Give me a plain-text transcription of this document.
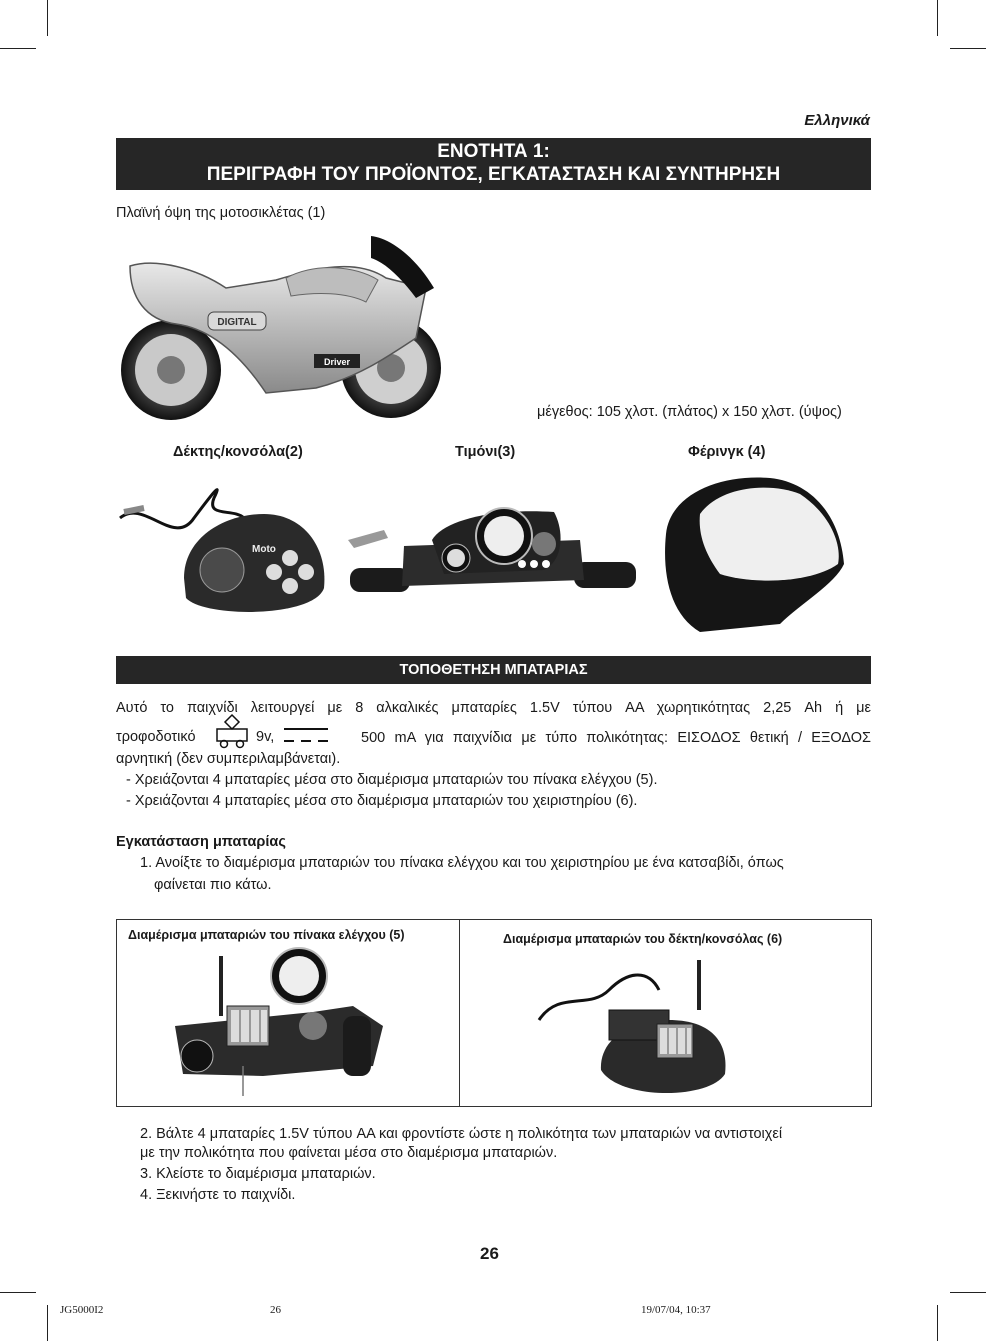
Ελληνικά
ΕΝΟΤΗΤΑ 1:
ΠΕΡΙΓΡΑΦΗ ΤΟΥ ΠΡΟΪΟΝΤΟΣ, ΕΓΚΑΤΑΣΤΑΣΗ ΚΑΙ ΣΥΝΤΗΡΗΣΗ
Πλαϊνή όψη της μοτοσικλέτας (1)
DIGITAL
Driver
μέγεθος: 105 χλστ. (πλάτος) x 150 χλστ. (ύψος)
Δέκτης/κονσόλα(2)	Τιμόνι(3)	Φέρινγκ (4)
Moto
ΤΟΠΟΘΕΤΗΣΗ ΜΠΑΤΑΡΙΑΣ
Αυτό το παιχνίδι λειτουργεί με 8 αλκαλικές μπαταρίες 1.5V τύπου AA χωρητικότητας 2,25 Ah ή με
τροφοδοτικό	9v,	500 mA για παιχνίδια με τύπο πολικότητας: ΕΙΣΟΔΟΣ θετική / ΕΞΟΔΟΣ
αρνητική (δεν συμπεριλαμβάνεται).
- Χρειάζονται 4 μπαταρίες μέσα στο διαμέρισμα μπαταριών του πίνακα ελέγχου (5).
- Χρειάζονται 4 μπαταρίες μέσα στο διαμέρισμα μπαταριών του χειριστηρίου (6).
Εγκατάσταση μπαταρίας
1. Ανοίξτε το διαμέρισμα μπαταριών του πίνακα ελέγχου και του χειριστηρίου με ένα κατσαβίδι, όπως
φαίνεται πιο κάτω.
Διαμέρισμα μπαταριών του πίνακα ελέγχου (5)	Διαμέρισμα μπαταριών του δέκτη/κονσόλας (6)
2. Βάλτε 4 μπαταρίες 1.5V τύπου AA και φροντίστε ώστε η πολικότητα των μπαταριών να αντιστοιχεί
με την πολικότητα που φαίνεται μέσα στο διαμέρισμα μπαταριών.
3. Κλείστε το διαμέρισμα μπαταριών.
4. Ξεκινήστε το παιχνίδι.
26
JG5000I2	26	19/07/04, 10:37
